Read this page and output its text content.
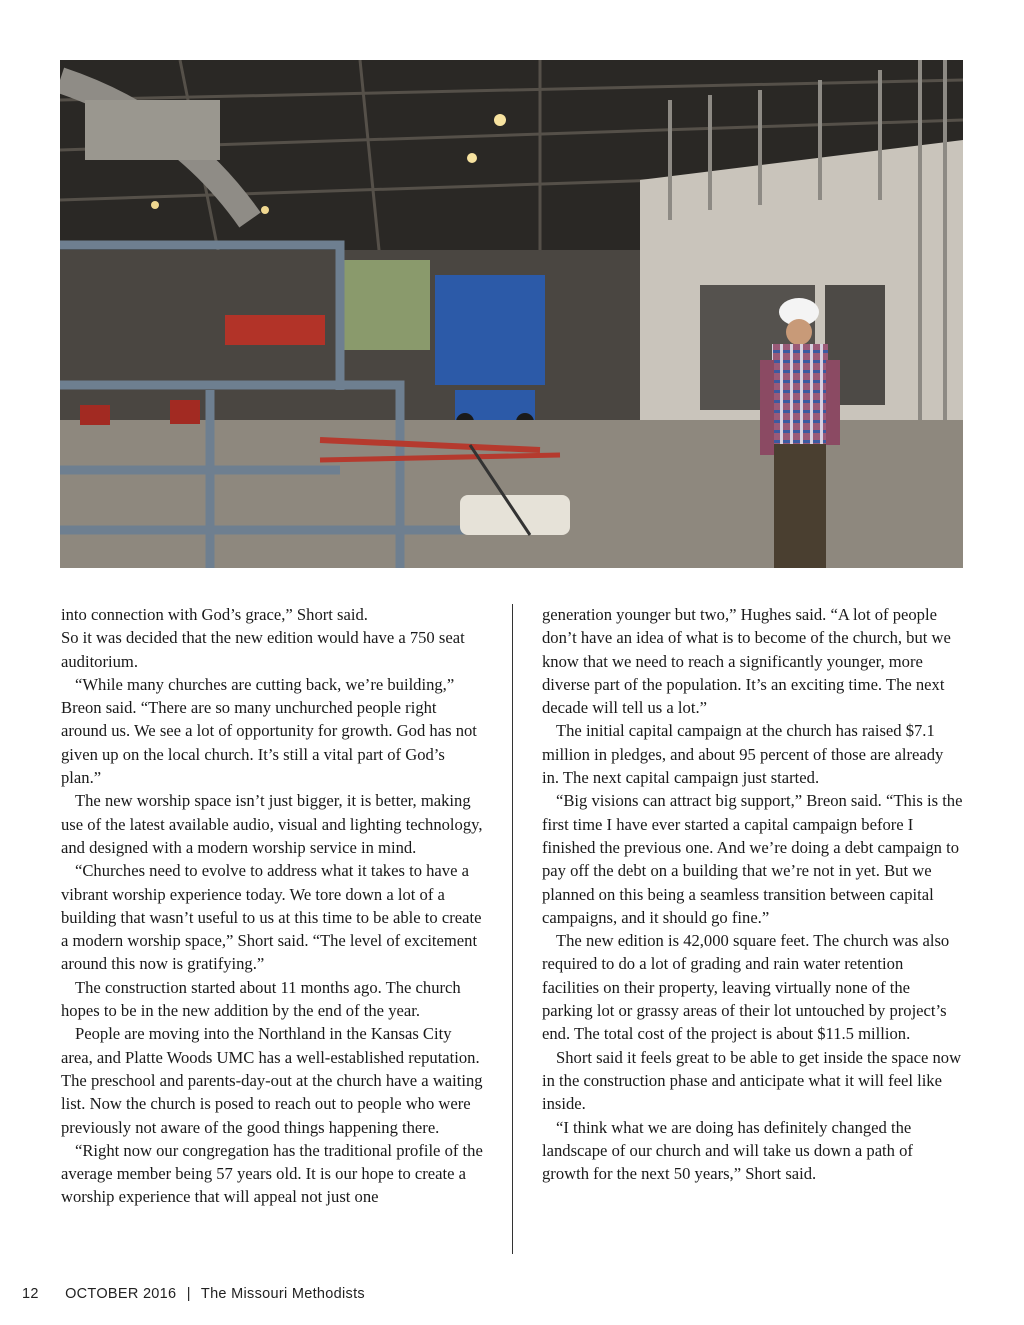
into connection with God’s grace,” Short said.

So it was decided that the new edition would have a 750 seat auditorium.

“While many churches are cutting back, we’re building,” Breon said. “There are so many unchurched people right around us. We see a lot of opportunity for growth. God has not given up on the local church. It’s still a vital part of God’s plan.”

The new worship space isn’t just bigger, it is better, making use of the latest available audio, visual and lighting technology, and designed with a modern worship service in mind.

“Churches need to evolve to address what it takes to have a vibrant worship experience today. We tore down a lot of a building that wasn’t useful to us at this time to be able to create a modern worship space,” Short said. “The level of excitement around this now is gratifying.”

The construction started about 11 months ago. The church hopes to be in the new addition by the end of the year.

People are moving into the Northland in the Kansas City area, and Platte Woods UMC has a well-established reputation. The preschool and parents-day-out at the church have a waiting list. Now the church is posed to reach out to people who were previously not aware of the good things happening there.

“Right now our congregation has the traditional profile of the average member being 57 years old. It is our hope to create a worship experience that will appeal not just one

generation younger but two,” Hughes said. “A lot of people don’t have an idea of what is to become of the church, but we know that we need to reach a significantly younger, more diverse part of the population. It’s an exciting time. The next decade will tell us a lot.”

The initial capital campaign at the church has raised $7.1 million in pledges, and about 95 percent of those are already in. The next capital campaign just started.

“Big visions can attract big support,” Breon said. “This is the first time I have ever started a capital campaign before I finished the previous one. And we’re doing a debt campaign to pay off the debt on a building that we’re not in yet. But we planned on this being a seamless transition between capital campaigns, and it should go fine.”

The new edition is 42,000 square feet. The church was also required to do a lot of grading and rain water retention facilities on their property, leaving virtually none of the parking lot or grassy areas of their lot untouched by project’s end. The total cost of the project is about $11.5 million.

Short said it feels great to be able to get inside the space now in the construction phase and anticipate what it will feel like inside.

“I think what we are doing has definitely changed the landscape of our church and will take us down a path of growth for the next 50 years,” Short said.

12 OCTOBER 2016 | The Missouri Methodists
